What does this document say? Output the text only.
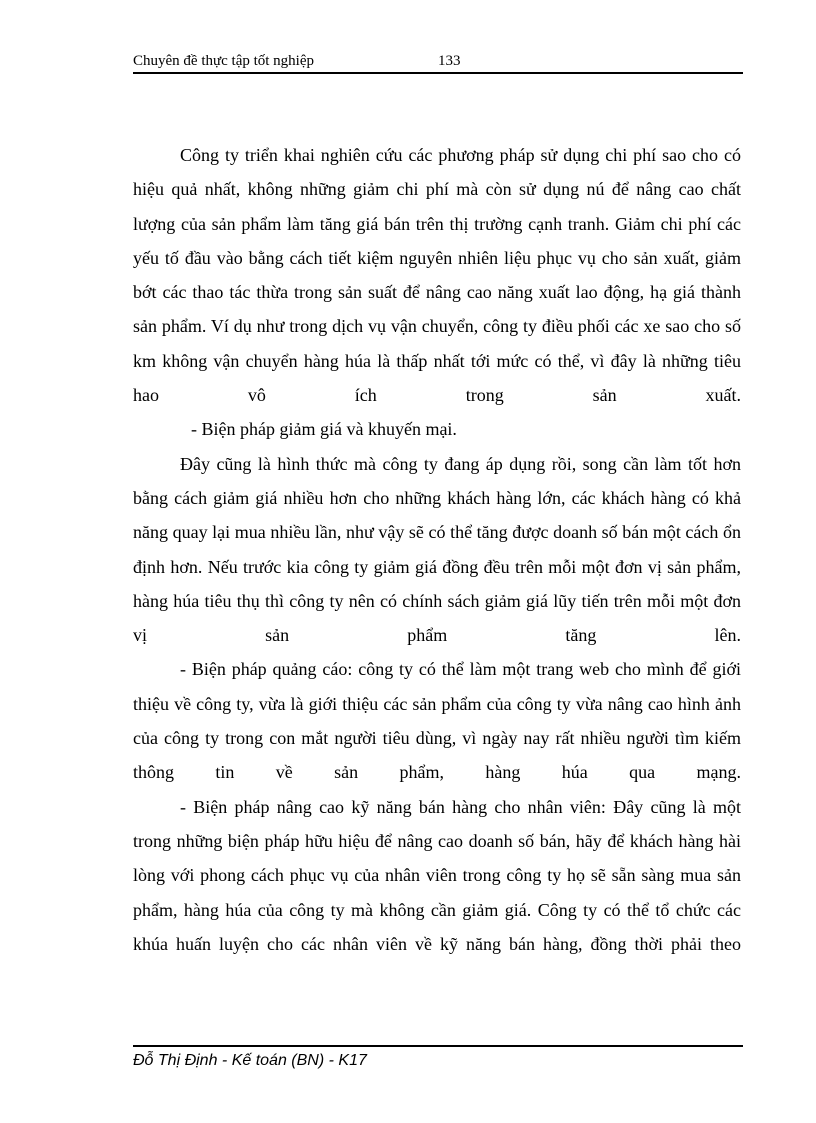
Chuyên đề thực tập tốt nghiệp	133

Công ty triển khai nghiên cứu các phương pháp sử dụng chi phí sao cho có hiệu quả nhất, không những giảm chi phí mà còn sử dụng nú để nâng cao chất lượng của sản phẩm làm tăng giá bán trên thị trường cạnh tranh. Giảm chi phí các yếu tố đầu vào bằng cách tiết kiệm nguyên nhiên liệu phục vụ cho sản xuất, giảm bớt các thao tác thừa trong sản suất để nâng cao năng xuất lao động, hạ giá thành sản phẩm. Ví dụ như trong dịch vụ vận chuyển, công ty điều phối các xe sao cho số km không vận chuyển hàng húa là thấp nhất tới mức có thể, vì đây là những tiêu hao vô ích trong sản xuất.

- Biện pháp giảm giá và khuyến mại.

Đây cũng là hình thức mà công ty đang áp dụng rồi, song cần làm tốt hơn bằng cách giảm giá nhiều hơn cho những khách hàng lớn, các khách hàng có khả năng quay lại mua nhiều lần, như vậy sẽ có thể tăng được doanh số bán một cách ổn định hơn. Nếu trước kia công ty giảm giá đồng đều trên mỗi một đơn vị sản phẩm, hàng húa tiêu thụ thì công ty nên có chính sách giảm giá lũy tiến trên mỗi một đơn vị sản phẩm tăng lên.

- Biện pháp quảng cáo: công ty có thể làm một trang web cho mình để giới thiệu về công ty, vừa là giới thiệu các sản phẩm của công ty vừa nâng cao hình ảnh của công ty trong con mắt người tiêu dùng, vì ngày nay rất nhiều người tìm kiếm thông tin về sản phẩm, hàng húa qua mạng.

- Biện pháp nâng cao kỹ năng bán hàng cho nhân viên: Đây cũng là một trong những biện pháp hữu hiệu để nâng cao doanh số bán, hãy để khách hàng hài lòng với phong cách phục vụ của nhân viên trong công ty họ sẽ sẵn sàng mua sản phẩm, hàng húa của công ty mà không cần giảm giá. Công ty có thể tổ chức các khúa huấn luyện cho các nhân viên về kỹ năng bán hàng, đồng thời phải theo

Đỗ Thị Định - Kế toán (BN) - K17
